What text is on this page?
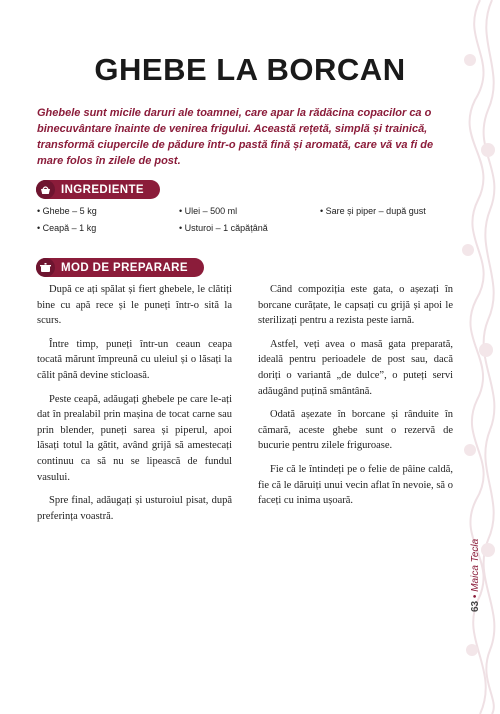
GHEBE LA BORCAN

Ghebele sunt micile daruri ale toamnei, care apar la rădăcina copacilor ca o binecuvântare înainte de venirea frigului. Această rețetă, simplă și trainică, transformă ciupercile de pădure într-o pastă fină și aromată, care vă va fi de mare folos în zilele de post.

INGREDIENTE
• Ghebe – 5 kg	• Ulei – 500 ml	• Sare și piper – după gust
• Ceapă – 1 kg	• Usturoi – 1 căpățână
MOD DE PREPARARE

După ce ați spălat și fiert ghebele, le clătiți bine cu apă rece și le puneți într-o sită la scurs.

Între timp, puneți într-un ceaun ceapa tocată mărunt împreună cu uleiul și o lăsați la călit până devine sticloasă.

Peste ceapă, adăugați ghebele pe care le-ați dat în prealabil prin mașina de tocat carne sau prin blender, puneți sarea și piperul, apoi lăsați totul la gătit, având grijă să amestecați continuu ca să nu se lipească de fundul vasului.

Spre final, adăugați și usturoiul pisat, după preferința voastră.

Când compoziția este gata, o așezați în borcane curățate, le capsați cu grijă și apoi le sterilizați pentru a rezista peste iarnă.

Astfel, veți avea o masă gata preparată, ideală pentru perioadele de post sau, dacă doriți o variantă „de dulce”, o puteți servi adăugând puțină smântână.

Odată așezate în borcane și rânduite în cămară, aceste ghebe sunt o rezervă de bucurie pentru zilele friguroase.

Fie că le întindeți pe o felie de pâine caldă, fie că le dăruiți unui vecin aflat în nevoie, să o faceți cu inima ușoară.

63 • Maica Tecla
